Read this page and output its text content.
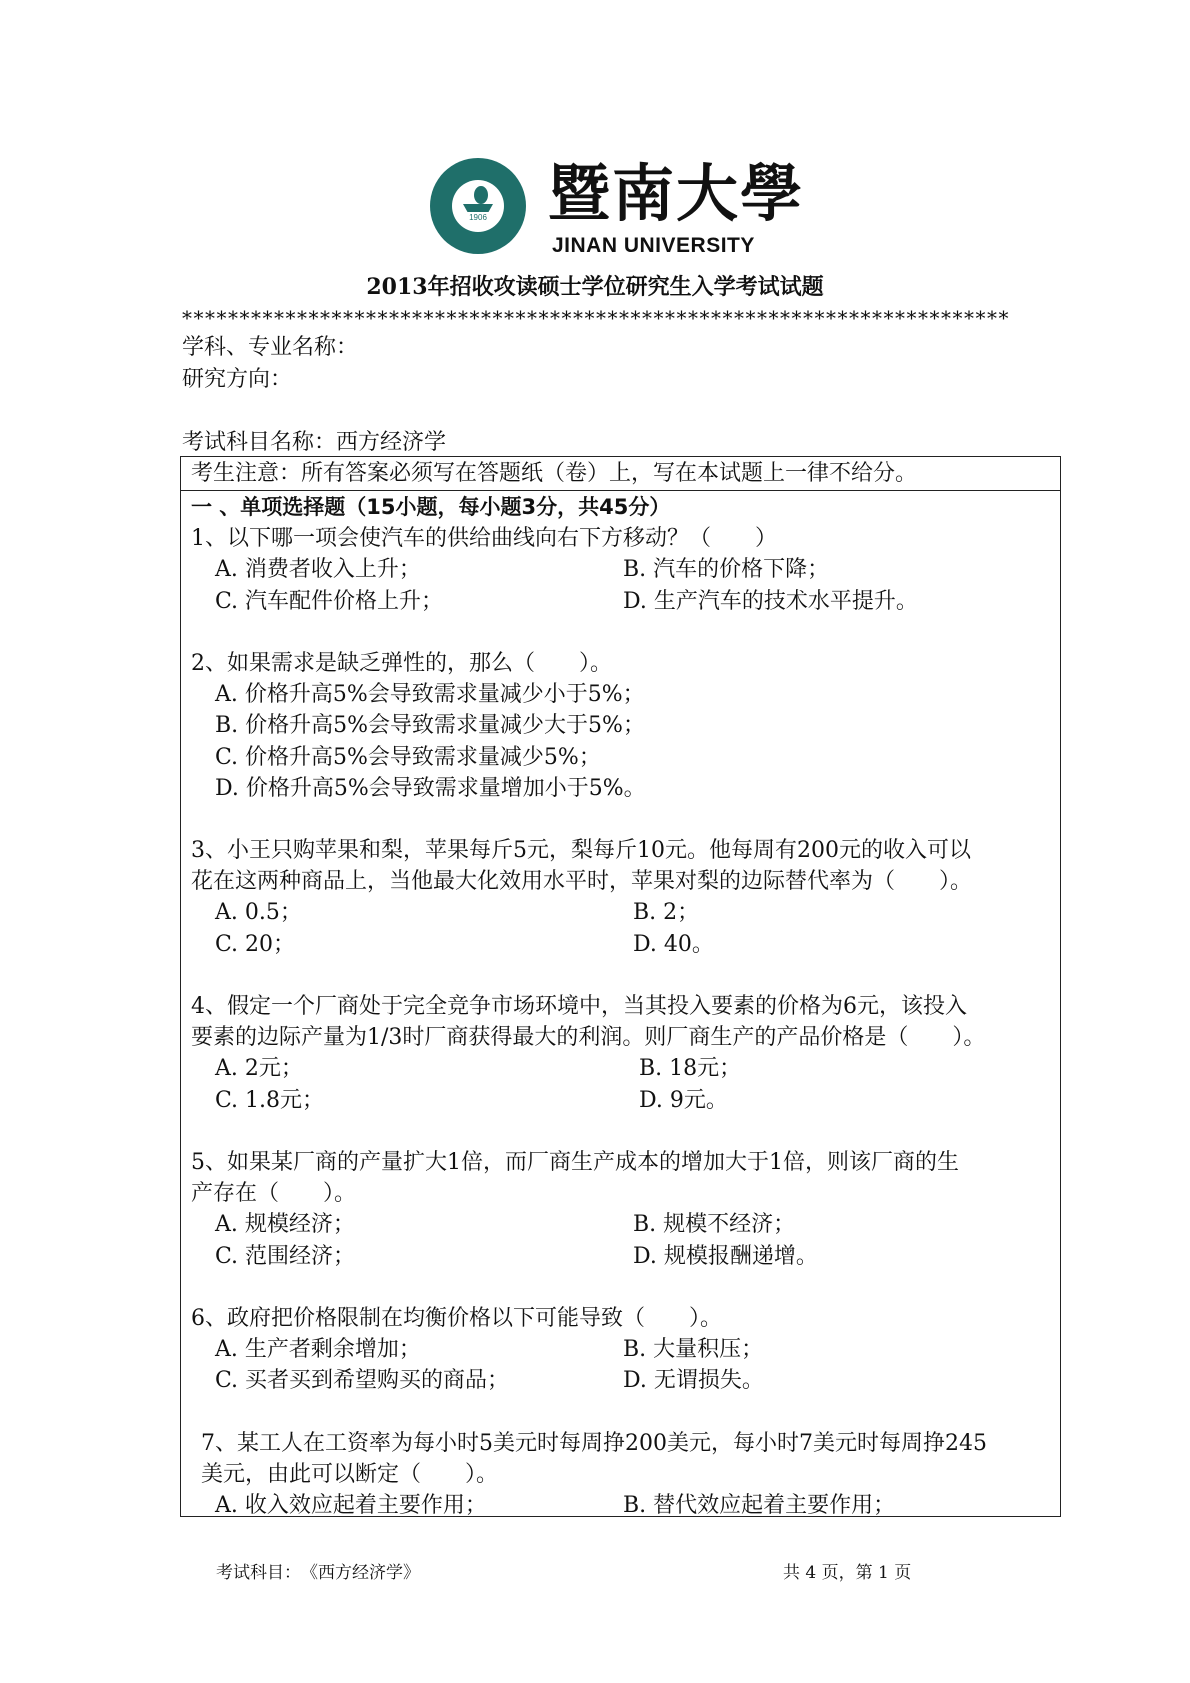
1906 暨南大學
JINAN UNIVERSITY
2013年招收攻读硕士学位研究生入学考试试题
************************************************************************
学科、专业名称：
研究方向：
考试科目名称：西方经济学
考生注意：所有答案必须写在答题纸（卷）上，写在本试题上一律不给分。
一 、单项选择题（15小题，每小题3分，共45分）
1、以下哪一项会使汽车的供给曲线向右下方移动？（　　）
A. 消费者收入上升；	B. 汽车的价格下降；
C. 汽车配件价格上升；	D. 生产汽车的技术水平提升。
2、如果需求是缺乏弹性的，那么（　　）。
A. 价格升高5%会导致需求量减少小于5%；
B. 价格升高5%会导致需求量减少大于5%；
C. 价格升高5%会导致需求量减少5%；
D. 价格升高5%会导致需求量增加小于5%。
3、小王只购苹果和梨，苹果每斤5元，梨每斤10元。他每周有200元的收入可以
花在这两种商品上，当他最大化效用水平时，苹果对梨的边际替代率为（　　）。
A. 0.5；	B. 2；
C. 20；	D. 40。
4、假定一个厂商处于完全竞争市场环境中，当其投入要素的价格为6元，该投入
要素的边际产量为1/3时厂商获得最大的利润。则厂商生产的产品价格是（　　）。
A. 2元；	B. 18元；
C. 1.8元；	D. 9元。
5、如果某厂商的产量扩大1倍，而厂商生产成本的增加大于1倍，则该厂商的生
产存在（　　）。
A. 规模经济；	B. 规模不经济；
C. 范围经济；	D. 规模报酬递增。
6、政府把价格限制在均衡价格以下可能导致（　　）。
A. 生产者剩余增加；	B. 大量积压；
C. 买者买到希望购买的商品；	D. 无谓损失。
7、某工人在工资率为每小时5美元时每周挣200美元，每小时7美元时每周挣245
美元，由此可以断定（　　）。
A. 收入效应起着主要作用；	B. 替代效应起着主要作用；
考试科目：　《西方经济学》	共 4 页，第 1 页
